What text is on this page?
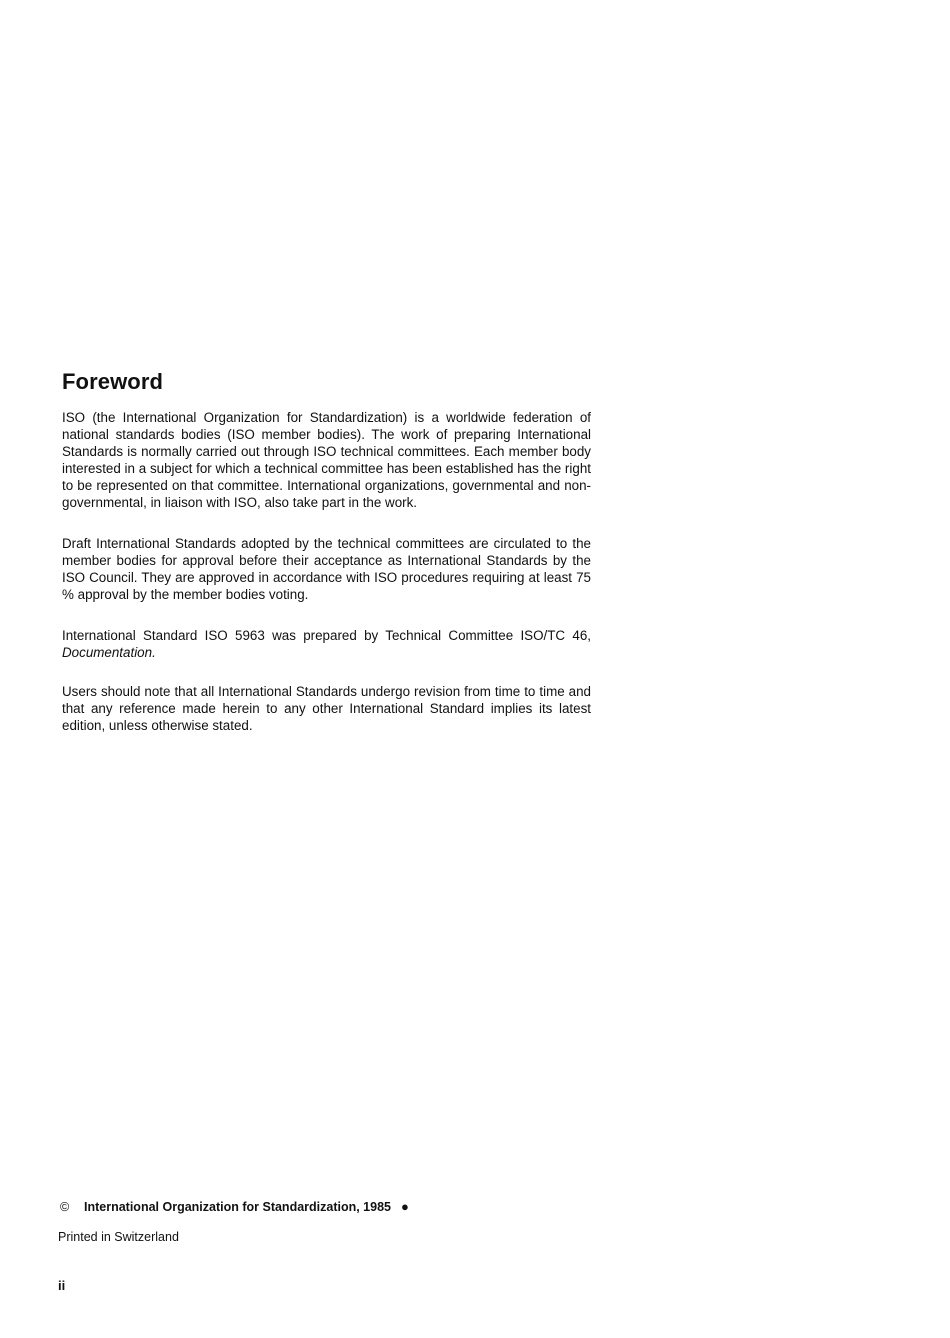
Foreword

ISO (the International Organization for Standardization) is a worldwide federation of national standards bodies (ISO member bodies). The work of preparing International Standards is normally carried out through ISO technical committees. Each member body interested in a subject for which a technical committee has been established has the right to be represented on that committee. International organizations, governmental and non-governmental, in liaison with ISO, also take part in the work.

Draft International Standards adopted by the technical committees are circulated to the member bodies for approval before their acceptance as International Standards by the ISO Council. They are approved in accordance with ISO procedures requiring at least 75 % approval by the member bodies voting.

International Standard ISO 5963 was prepared by Technical Committee ISO/TC 46, Documentation.

Users should note that all International Standards undergo revision from time to time and that any reference made herein to any other International Standard implies its latest edition, unless otherwise stated.

© International Organization for Standardization, 1985 ●
Printed in Switzerland
ii
